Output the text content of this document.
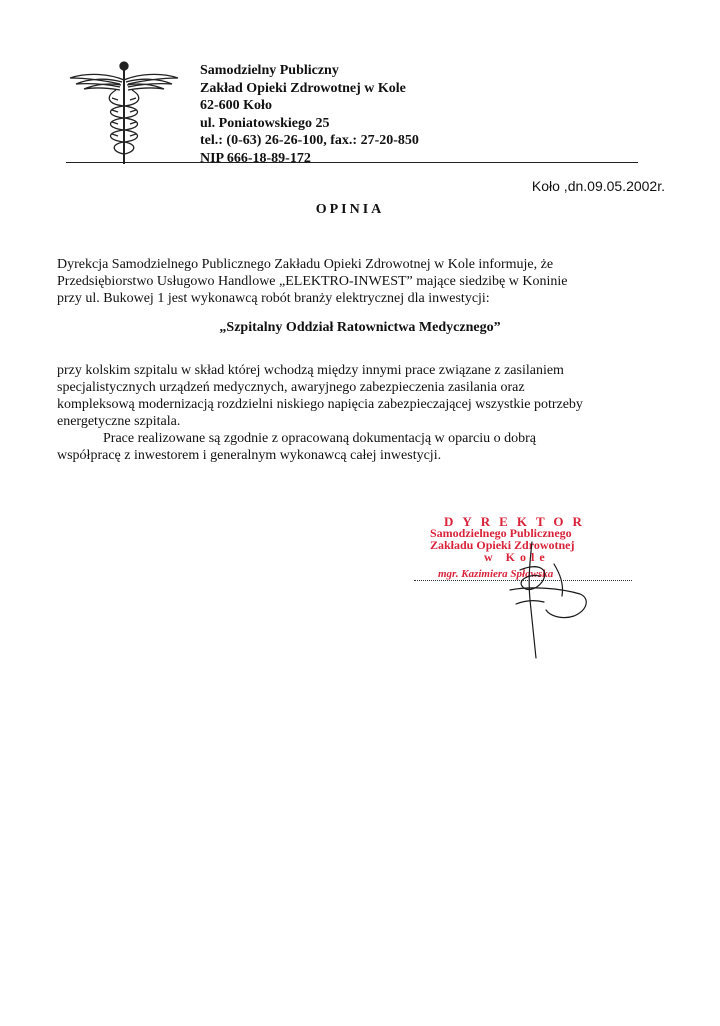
Samodzielny Publiczny
Zakład Opieki Zdrowotnej w Kole
62-600 Koło
ul. Poniatowskiego 25
tel.: (0-63) 26-26-100, fax.: 27-20-850
NIP 666-18-89-172
Koło ,dn.09.05.2002r.
OPINIA
Dyrekcja Samodzielnego Publicznego Zakładu Opieki Zdrowotnej w Kole informuje, że
Przedsiębiorstwo Usługowo Handlowe „ELEKTRO-INWEST” mające siedzibę w Koninie
przy ul. Bukowej 1 jest wykonawcą robót branży elektrycznej dla inwestycji:
„Szpitalny Oddział Ratownictwa Medycznego”
przy kolskim szpitalu w skład której wchodzą między innymi prace związane z zasilaniem
specjalistycznych urządzeń medycznych, awaryjnego zabezpieczenia zasilania oraz
kompleksową modernizacją rozdzielni niskiego napięcia zabezpieczającej wszystkie potrzeby
energetyczne szpitala.
Prace realizowane są zgodnie z opracowaną dokumentacją w oparciu o dobrą
współpracę z inwestorem i generalnym wykonawcą całej inwestycji.
DYREKTOR
Samodzielnego Publicznego
Zakładu Opieki Zdrowotnej
w Kole
mgr. Kazimiera Spławska
